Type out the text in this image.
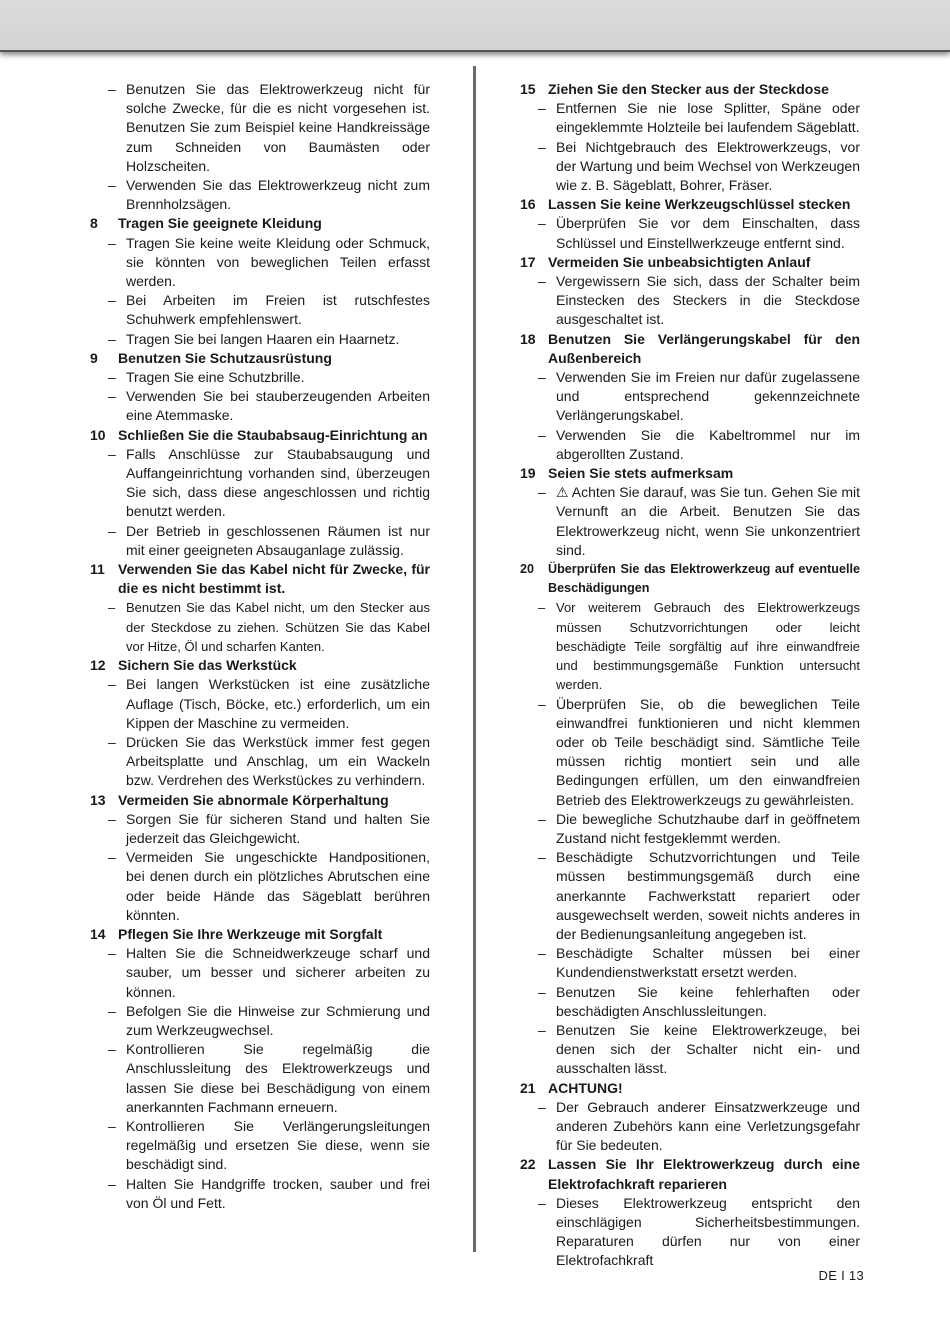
– Benutzen Sie das Elektrowerkzeug nicht für solche Zwecke, für die es nicht vorgesehen ist. Benutzen Sie zum Beispiel keine Handkreissäge zum Schneiden von Baumästen oder Holzscheiten.
– Verwenden Sie das Elektrowerkzeug nicht zum Brennholzsägen.
8	Tragen Sie geeignete Kleidung
– Tragen Sie keine weite Kleidung oder Schmuck, sie könnten von beweglichen Teilen erfasst werden.
– Bei Arbeiten im Freien ist rutschfestes Schuhwerk empfehlenswert.
– Tragen Sie bei langen Haaren ein Haarnetz.
9	Benutzen Sie Schutzausrüstung
– Tragen Sie eine Schutzbrille.
– Verwenden Sie bei stauberzeugenden Arbeiten eine Atemmaske.
10 Schließen Sie die Staubabsaug-Einrichtung an
– Falls Anschlüsse zur Staubabsaugung und Auffangeinrichtung vorhanden sind, überzeugen Sie sich, dass diese angeschlossen und richtig benutzt werden.
– Der Betrieb in geschlossenen Räumen ist nur mit einer geeigneten Absauganlage zulässig.
11 Verwenden Sie das Kabel nicht für Zwecke, für die es nicht bestimmt ist.
– Benutzen Sie das Kabel nicht, um den Stecker aus der Steckdose zu ziehen. Schützen Sie das Kabel vor Hitze, Öl und scharfen Kanten.
12 Sichern Sie das Werkstück
– Bei langen Werkstücken ist eine zusätzliche Auflage (Tisch, Böcke, etc.) erforderlich, um ein Kippen der Maschine zu vermeiden.
– Drücken Sie das Werkstück immer fest gegen Arbeitsplatte und Anschlag, um ein Wackeln bzw. Verdrehen des Werkstückes zu verhindern.
13 Vermeiden Sie abnormale Körperhaltung
– Sorgen Sie für sicheren Stand und halten Sie jederzeit das Gleichgewicht.
– Vermeiden Sie ungeschickte Handpositionen, bei denen durch ein plötzliches Abrutschen eine oder beide Hände das Sägeblatt berühren könnten.
14 Pflegen Sie Ihre Werkzeuge mit Sorgfalt
– Halten Sie die Schneidwerkzeuge scharf und sauber, um besser und sicherer arbeiten zu können.
– Befolgen Sie die Hinweise zur Schmierung und zum Werkzeugwechsel.
– Kontrollieren Sie regelmäßig die Anschlussleitung des Elektrowerkzeugs und lassen Sie diese bei Beschädigung von einem anerkannten Fachmann erneuern.
– Kontrollieren Sie Verlängerungsleitungen regelmäßig und ersetzen Sie diese, wenn sie beschädigt sind.
– Halten Sie Handgriffe trocken, sauber und frei von Öl und Fett.
15 Ziehen Sie den Stecker aus der Steckdose
– Entfernen Sie nie lose Splitter, Späne oder eingeklemmte Holzteile bei laufendem Sägeblatt.
– Bei Nichtgebrauch des Elektrowerkzeugs, vor der Wartung und beim Wechsel von Werkzeugen wie z. B. Sägeblatt, Bohrer, Fräser.
16 Lassen Sie keine Werkzeugschlüssel stecken
– Überprüfen Sie vor dem Einschalten, dass Schlüssel und Einstellwerkzeuge entfernt sind.
17 Vermeiden Sie unbeabsichtigten Anlauf
– Vergewissern Sie sich, dass der Schalter beim Einstecken des Steckers in die Steckdose ausgeschaltet ist.
18 Benutzen Sie Verlängerungskabel für den Außenbereich
– Verwenden Sie im Freien nur dafür zugelassene und entsprechend gekennzeichnete Verlängerungskabel.
– Verwenden Sie die Kabeltrommel nur im abgerollten Zustand.
19 Seien Sie stets aufmerksam
– ⚠ Achten Sie darauf, was Sie tun. Gehen Sie mit Vernunft an die Arbeit. Benutzen Sie das Elektrowerkzeug nicht, wenn Sie unkonzentriert sind.
20	Überprüfen Sie das Elektrowerkzeug auf eventuelle Beschädigungen
– Vor weiterem Gebrauch des Elektrowerkzeugs müssen Schutzvorrichtungen oder leicht beschädigte Teile sorgfältig auf ihre einwandfreie und bestimmungsgemäße Funktion untersucht werden.
– Überprüfen Sie, ob die beweglichen Teile einwandfrei funktionieren und nicht klemmen oder ob Teile beschädigt sind. Sämtliche Teile müssen richtig montiert sein und alle Bedingungen erfüllen, um den einwandfreien Betrieb des Elektrowerkzeugs zu gewährleisten.
– Die bewegliche Schutzhaube darf in geöffnetem Zustand nicht festgeklemmt werden.
– Beschädigte Schutzvorrichtungen und Teile müssen bestimmungsgemäß durch eine anerkannte Fachwerkstatt repariert oder ausgewechselt werden, soweit nichts anderes in der Bedienungsanleitung angegeben ist.
– Beschädigte Schalter müssen bei einer Kundendienstwerkstatt ersetzt werden.
– Benutzen Sie keine fehlerhaften oder beschädigten Anschlussleitungen.
– Benutzen Sie keine Elektrowerkzeuge, bei denen sich der Schalter nicht ein- und ausschalten lässt.
21 ACHTUNG!
– Der Gebrauch anderer Einsatzwerkzeuge und anderen Zubehörs kann eine Verletzungsgefahr für Sie bedeuten.
22 Lassen Sie Ihr Elektrowerkzeug durch eine Elektrofachkraft reparieren
– Dieses Elektrowerkzeug entspricht den einschlägigen Sicherheitsbestimmungen. Reparaturen dürfen nur von einer Elektrofachkraft
DE I 13
